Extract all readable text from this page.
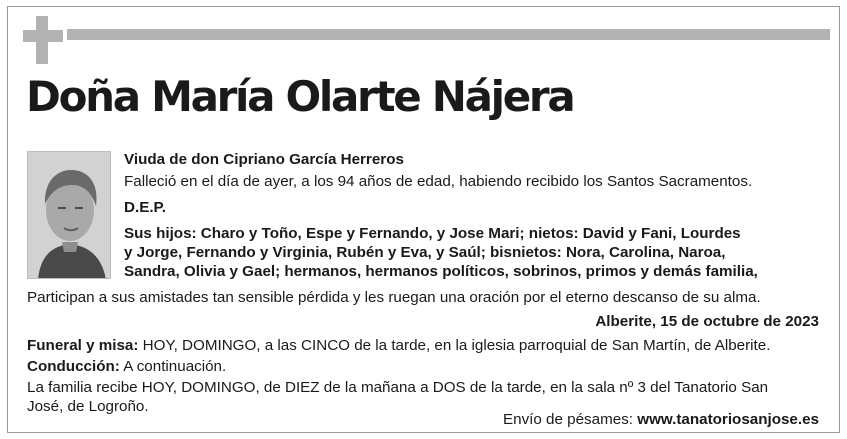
Doña María Olarte Nájera
Viuda de don Cipriano García Herreros
Falleció en el día de ayer, a los 94 años de edad, habiendo recibido los Santos Sacramentos.
D.E.P.
Sus hijos: Charo y Toño, Espe y Fernando, y Jose Mari; nietos: David y Fani, Lourdes
y Jorge, Fernando y Virginia, Rubén y Eva, y Saúl; bisnietos: Nora, Carolina, Naroa,
Sandra, Olivia y Gael; hermanos, hermanos políticos, sobrinos, primos y demás familia,
Participan a sus amistades tan sensible pérdida y les ruegan una oración por el eterno descanso de su alma.
Alberite, 15 de octubre de 2023
Funeral y misa: HOY, DOMINGO, a las CINCO de la tarde, en la iglesia parroquial de San Martín, de Alberite.
Conducción: A continuación.
La familia recibe HOY, DOMINGO, de DIEZ de la mañana a DOS de la tarde, en la sala nº 3 del Tanatorio San
José, de Logroño.
Envío de pésames: www.tanatoriosanjose.es
